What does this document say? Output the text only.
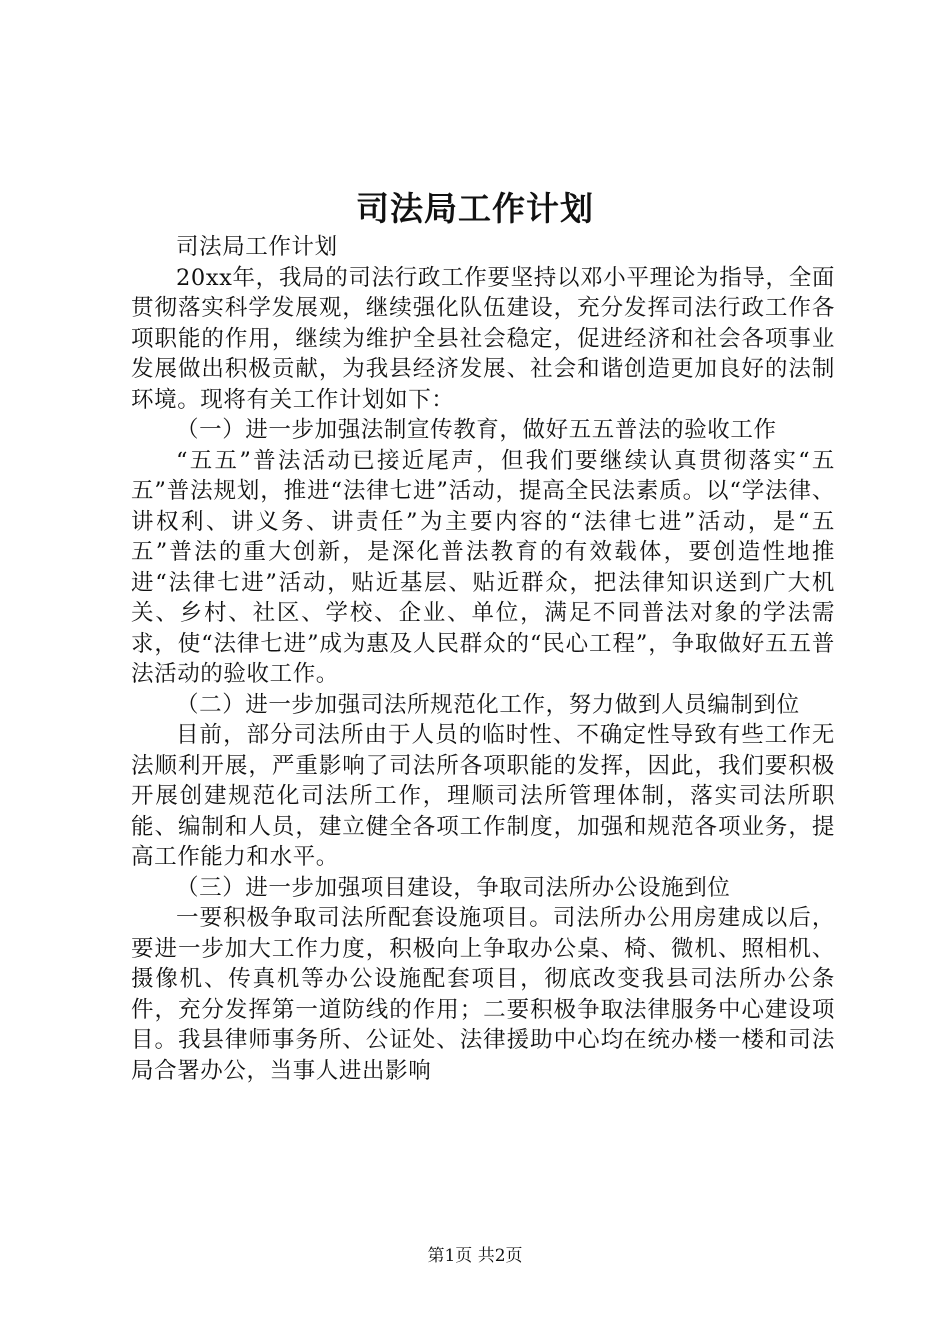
司法局工作计划

司法局工作计划

20xx年，我局的司法行政工作要坚持以邓小平理论为指导，全面贯彻落实科学发展观，继续强化队伍建设，充分发挥司法行政工作各项职能的作用，继续为维护全县社会稳定，促进经济和社会各项事业发展做出积极贡献，为我县经济发展、社会和谐创造更加良好的法制环境。现将有关工作计划如下：

（一）进一步加强法制宣传教育，做好五五普法的验收工作

“五五”普法活动已接近尾声，但我们要继续认真贯彻落实“五五”普法规划，推进“法律七进”活动，提高全民法素质。以“学法律、讲权利、讲义务、讲责任”为主要内容的“法律七进”活动，是“五五”普法的重大创新，是深化普法教育的有效载体，要创造性地推进“法律七进”活动，贴近基层、贴近群众，把法律知识送到广大机关、乡村、社区、学校、企业、单位，满足不同普法对象的学法需求，使“法律七进”成为惠及人民群众的“民心工程”，争取做好五五普法活动的验收工作。

（二）进一步加强司法所规范化工作，努力做到人员编制到位

目前，部分司法所由于人员的临时性、不确定性导致有些工作无法顺利开展，严重影响了司法所各项职能的发挥，因此，我们要积极开展创建规范化司法所工作，理顺司法所管理体制，落实司法所职能、编制和人员，建立健全各项工作制度，加强和规范各项业务，提高工作能力和水平。

（三）进一步加强项目建设，争取司法所办公设施到位

一要积极争取司法所配套设施项目。司法所办公用房建成以后，要进一步加大工作力度，积极向上争取办公桌、椅、微机、照相机、摄像机、传真机等办公设施配套项目，彻底改变我县司法所办公条件，充分发挥第一道防线的作用；二要积极争取法律服务中心建设项目。我县律师事务所、公证处、法律援助中心均在统办楼一楼和司法局合署办公，当事人进出影响

第1页 共2页
